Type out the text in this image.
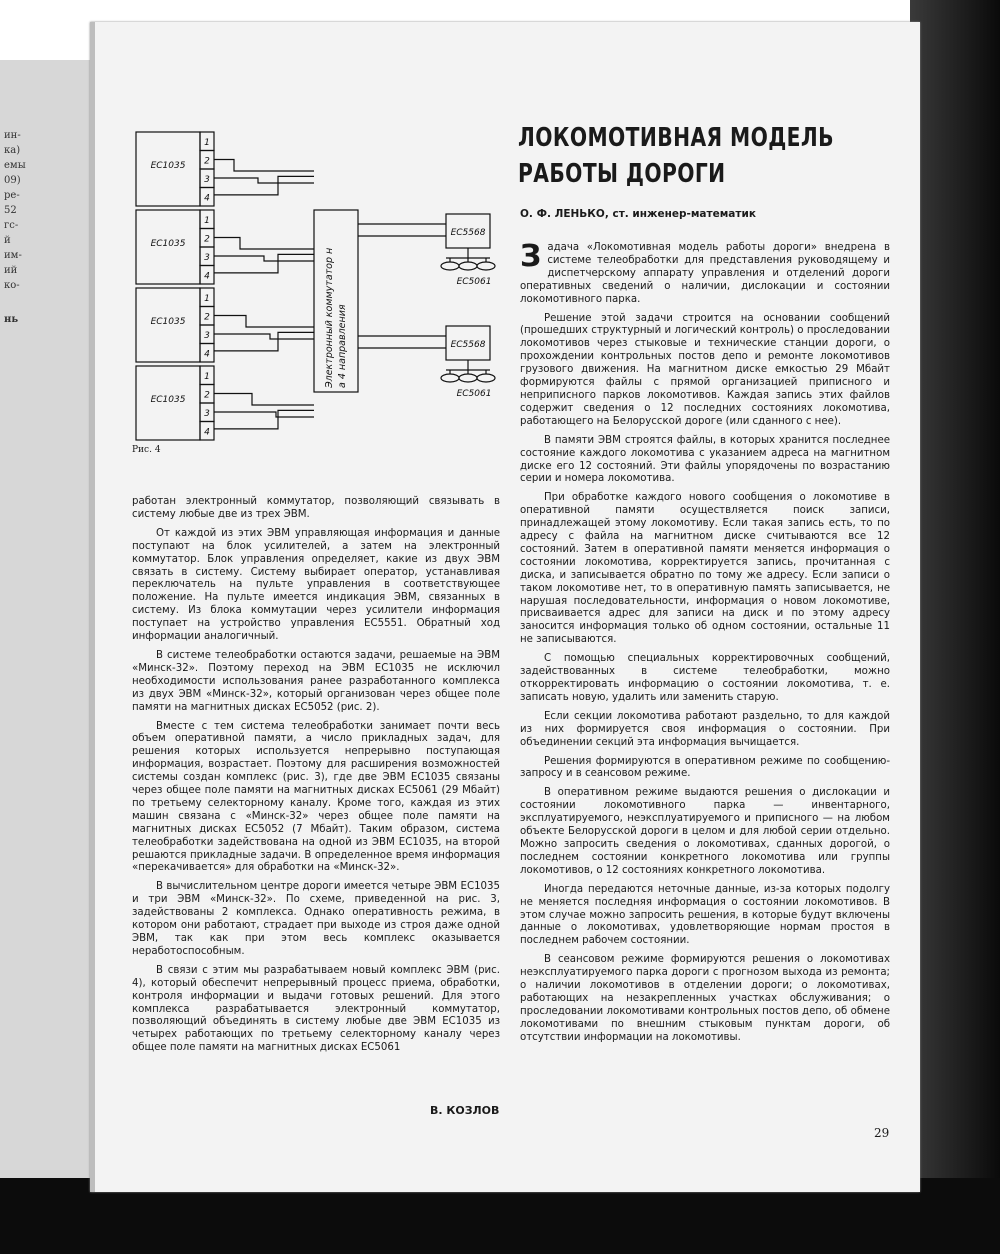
ин-
ка)
емы
09)
ре-
52
гс-
й
им-
ий
ко-
нь
ЕС1035
1
2
3
4
ЕС1035
1
2
3
4
ЕС1035
1
2
3
4
ЕС1035
1
2
3
4
Электронный коммутатор н а 4 направления
ЕС5568
ЕС5061
ЕС5568
ЕС5061
Рис. 4
ЛОКОМОТИВНАЯ МОДЕЛЬ
РАБОТЫ ДОРОГИ
О. Ф. ЛЕНЬКО, ст. инженер-математик

работан электронный коммутатор, позволяющий связывать в систему любые две из трех ЭВМ.

От каждой из этих ЭВМ управляющая информация и данные поступают на блок усилителей, а затем на электронный коммутатор. Блок управления определяет, какие из двух ЭВМ связать в систему. Систему выбирает оператор, устанавливая переключатель на пульте управления в соответствующее положение. На пульте имеется индикация ЭВМ, связанных в систему. Из блока коммутации через усилители информация поступает на устройство управления ЕС5551. Обратный ход информации аналогичный.

В системе телеобработки остаются задачи, решаемые на ЭВМ «Минск-32». Поэтому переход на ЭВМ ЕС1035 не исключил необходимости использования ранее разработанного комплекса из двух ЭВМ «Минск-32», который организован через общее поле памяти на магнитных дисках ЕС5052 (рис. 2).

Вместе с тем система телеобработки занимает почти весь объем оперативной памяти, а число прикладных задач, для решения которых используется непрерывно поступающая информация, возрастает. Поэтому для расширения возможностей системы создан комплекс (рис. 3), где две ЭВМ ЕС1035 связаны через общее поле памяти на магнитных дисках ЕС5061 (29 Мбайт) по третьему селекторному каналу. Кроме того, каждая из этих машин связана с «Минск-32» через общее поле памяти на магнитных дисках ЕС5052 (7 Мбайт). Таким образом, система телеобработки задействована на одной из ЭВМ ЕС1035, на второй решаются прикладные задачи. В определенное время информация «перекачивается» для обработки на «Минск-32».

В вычислительном центре дороги имеется четыре ЭВМ ЕС1035 и три ЭВМ «Минск-32». По схеме, приведенной на рис. 3, задействованы 2 комплекса. Однако оперативность режима, в котором они работают, страдает при выходе из строя даже одной ЭВМ, так как при этом весь комплекс оказывается неработоспособным.

В связи с этим мы разрабатываем новый комплекс ЭВМ (рис. 4), который обеспечит непрерывный процесс приема, обработки, контроля информации и выдачи готовых решений. Для этого комплекса разрабатывается электронный коммутатор, позволяющий объединять в систему любые две ЭВМ ЕС1035 из четырех работающих по третьему селекторному каналу через общее поле памяти на магнитных дисках ЕС5061

В. КОЗЛОВ

Задача «Локомотивная модель работы дороги» внедрена в системе телеобработки для представления руководящему и диспетчерскому аппарату управления и отделений дороги оперативных сведений о наличии, дислокации и состоянии локомотивного парка.

Решение этой задачи строится на основании сообщений (прошедших структурный и логический контроль) о проследовании локомотивов через стыковые и технические станции дороги, о прохождении контрольных постов депо и ремонте локомотивов грузового движения. На магнитном диске емкостью 29 Мбайт формируются файлы с прямой организацией приписного и неприписного парков локомотивов. Каждая запись этих файлов содержит сведения о 12 последних состояниях локомотива, работающего на Белорусской дороге (или сданного с нее).

В памяти ЭВМ строятся файлы, в которых хранится последнее состояние каждого локомотива с указанием адреса на магнитном диске его 12 состояний. Эти файлы упорядочены по возрастанию серии и номера локомотива.

При обработке каждого нового сообщения о локомотиве в оперативной памяти осуществляется поиск записи, принадлежащей этому локомотиву. Если такая запись есть, то по адресу с файла на магнитном диске считываются все 12 состояний. Затем в оперативной памяти меняется информация о состоянии локомотива, корректируется запись, прочитанная с диска, и записывается обратно по тому же адресу. Если записи о таком локомотиве нет, то в оперативную память записывается, не нарушая последовательности, информация о новом локомотиве, присваивается адрес для записи на диск и по этому адресу заносится информация только об одном состоянии, остальные 11 не записываются.

С помощью специальных корректировочных сообщений, задействованных в системе телеобработки, можно откорректировать информацию о состоянии локомотива, т. е. записать новую, удалить или заменить старую.

Если секции локомотива работают раздельно, то для каждой из них формируется своя информация о состоянии. При объединении секций эта информация вычищается.

Решения формируются в оперативном режиме по сообщению-запросу и в сеансовом режиме.

В оперативном режиме выдаются решения о дислокации и состоянии локомотивного парка — инвентарного, эксплуатируемого, неэксплуатируемого и приписного — на любом объекте Белорусской дороги в целом и для любой серии отдельно. Можно запросить сведения о локомотивах, сданных дорогой, о последнем состоянии конкретного локомотива или группы локомотивов, о 12 состояниях конкретного локомотива.

Иногда передаются неточные данные, из-за которых подолгу не меняется последняя информация о состоянии локомотивов. В этом случае можно запросить решения, в которые будут включены данные о локомотивах, удовлетворяющие нормам простоя в последнем рабочем состоянии.

В сеансовом режиме формируются решения о локомотивах неэксплуатируемого парка дороги с прогнозом выхода из ремонта; о наличии локомотивов в отделении дороги; о локомотивах, работающих на незакрепленных участках обслуживания; о проследовании локомотивами контрольных постов депо, об обмене локомотивами по внешним стыковым пунктам дороги, об отсутствии информации на локомотивы.

29
